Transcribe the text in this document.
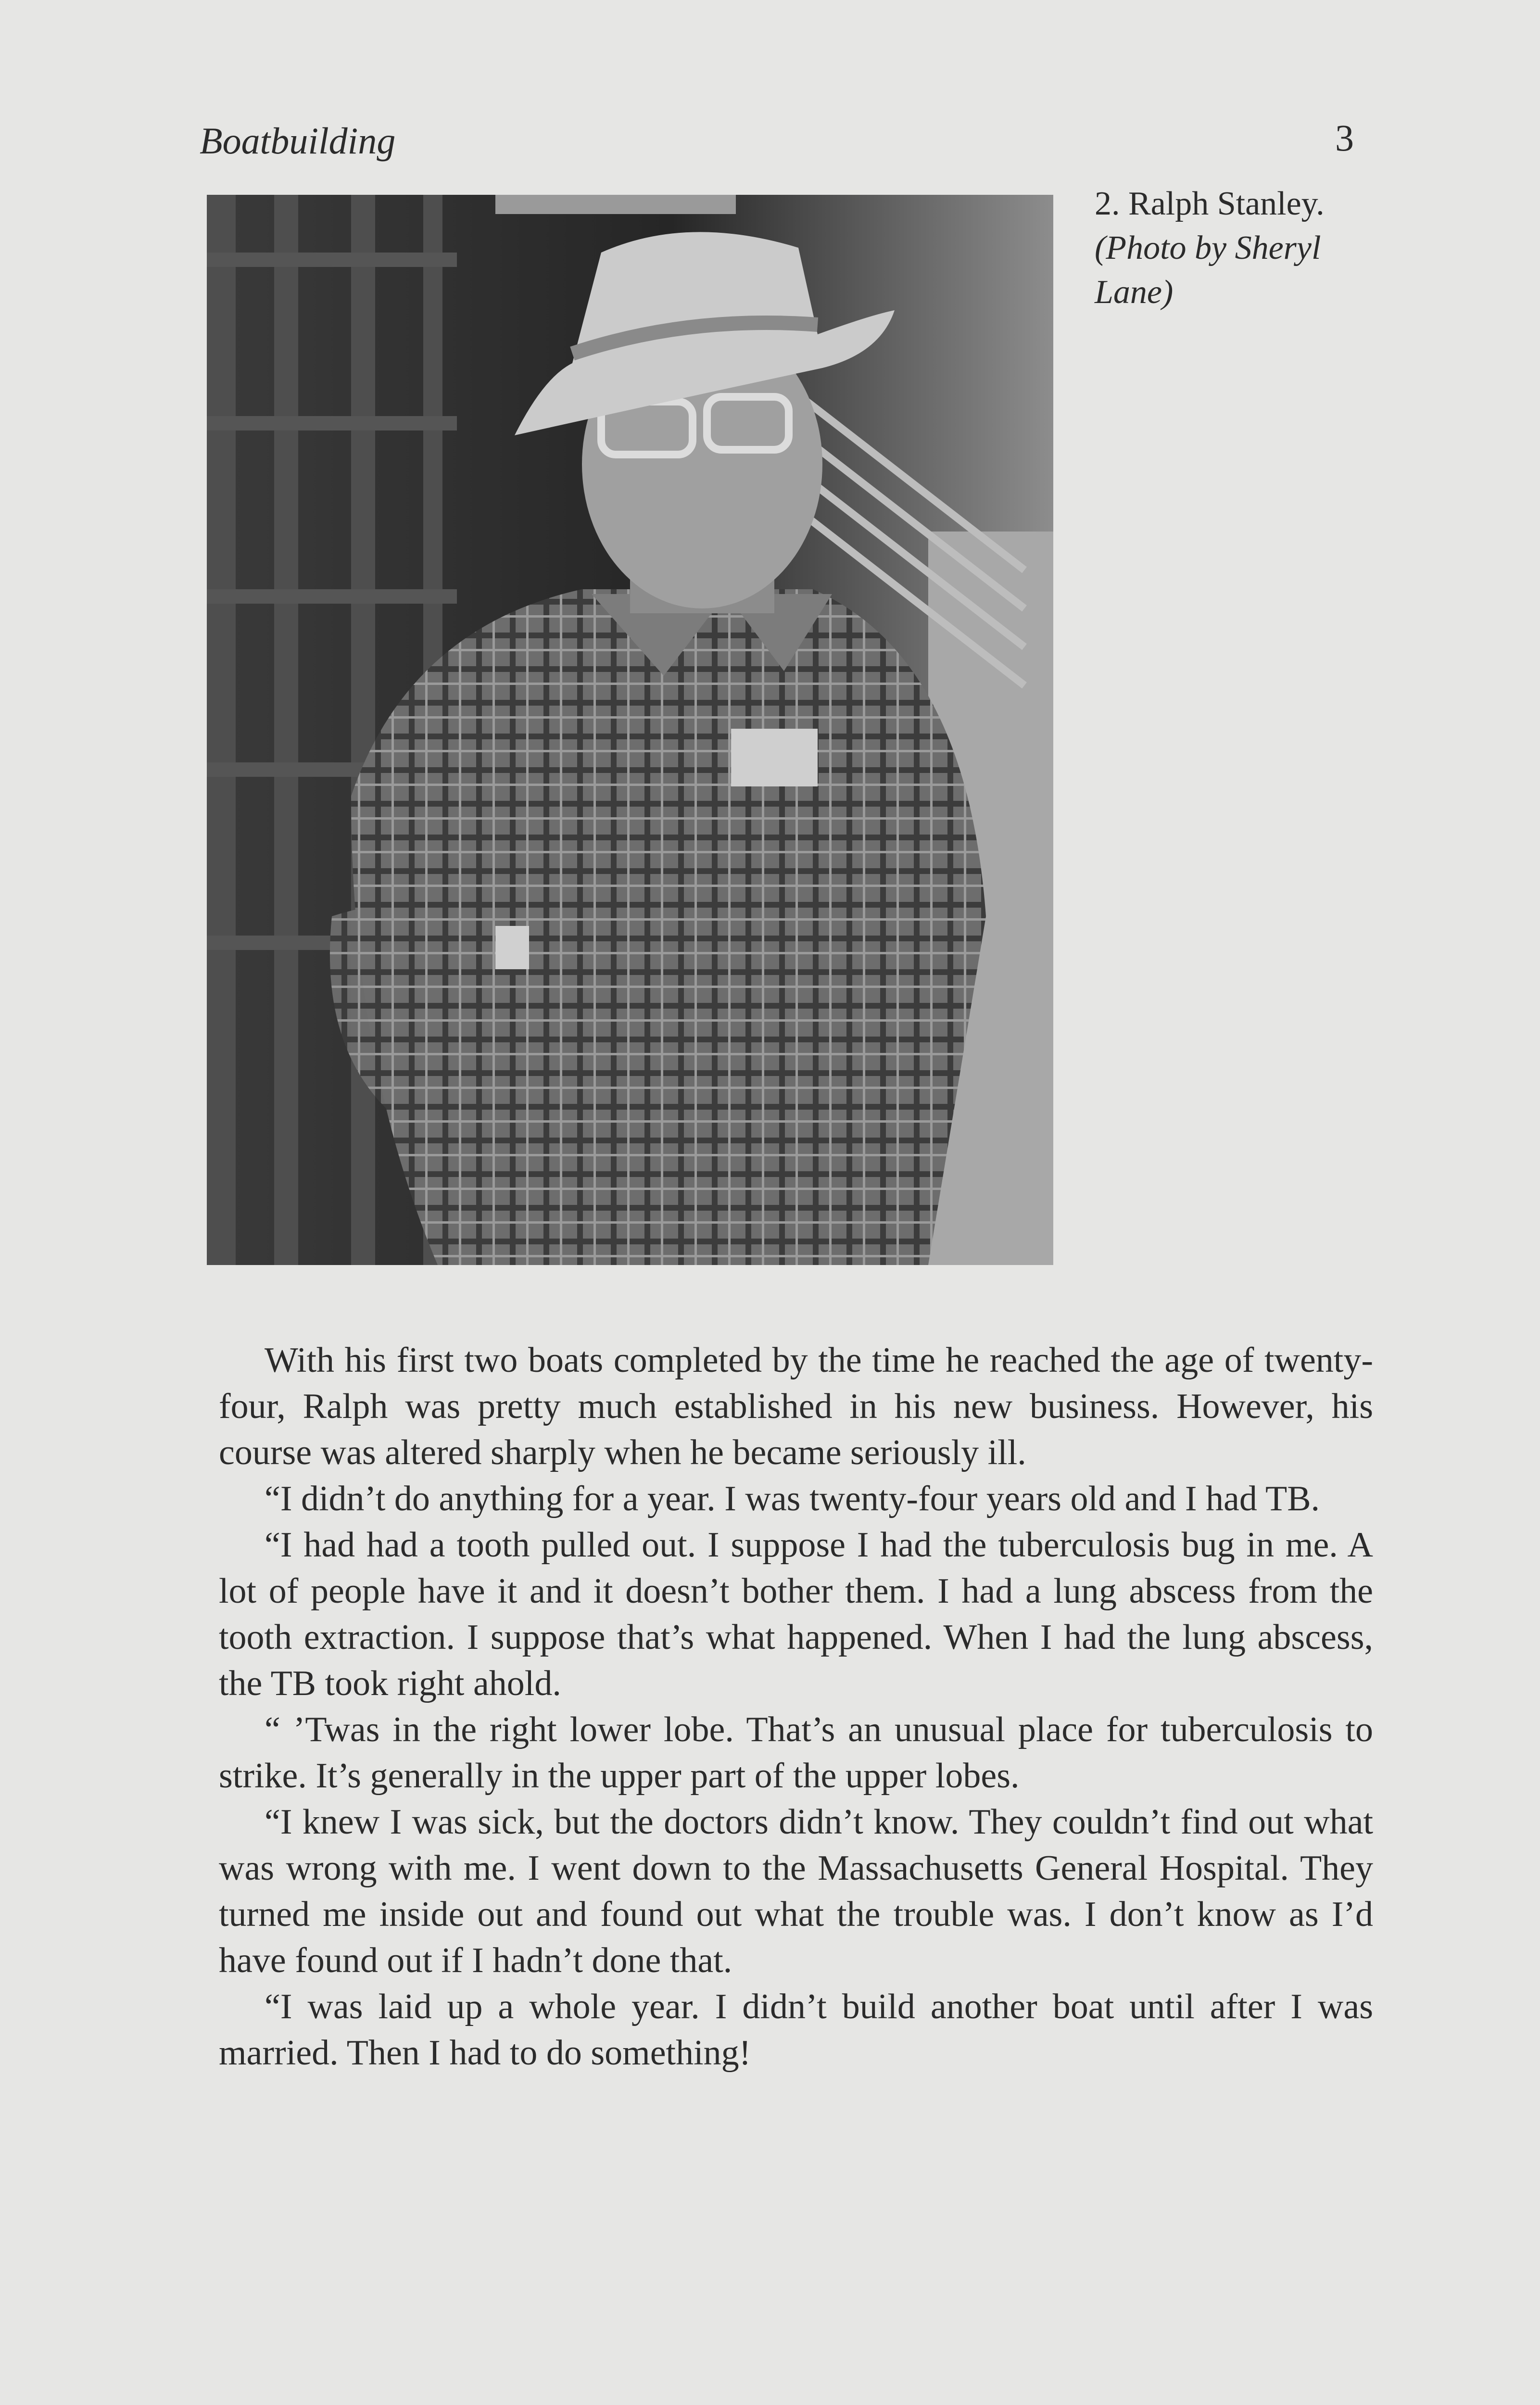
Boatbuilding	3
2. Ralph Stanley.
(Photo by Sheryl Lane)

With his first two boats completed by the time he reached the age of twenty-four, Ralph was pretty much established in his new business. However, his course was altered sharply when he became seriously ill.

“I didn’t do anything for a year. I was twenty-four years old and I had TB.

“I had had a tooth pulled out. I suppose I had the tuberculosis bug in me. A lot of people have it and it doesn’t bother them. I had a lung abscess from the tooth extraction. I suppose that’s what happened. When I had the lung abscess, the TB took right ahold.

“ ’Twas in the right lower lobe. That’s an unusual place for tuberculosis to strike. It’s generally in the upper part of the upper lobes.

“I knew I was sick, but the doctors didn’t know. They couldn’t find out what was wrong with me. I went down to the Massachusetts General Hospital. They turned me inside out and found out what the trouble was. I don’t know as I’d have found out if I hadn’t done that.

“I was laid up a whole year. I didn’t build another boat until after I was married. Then I had to do something!
